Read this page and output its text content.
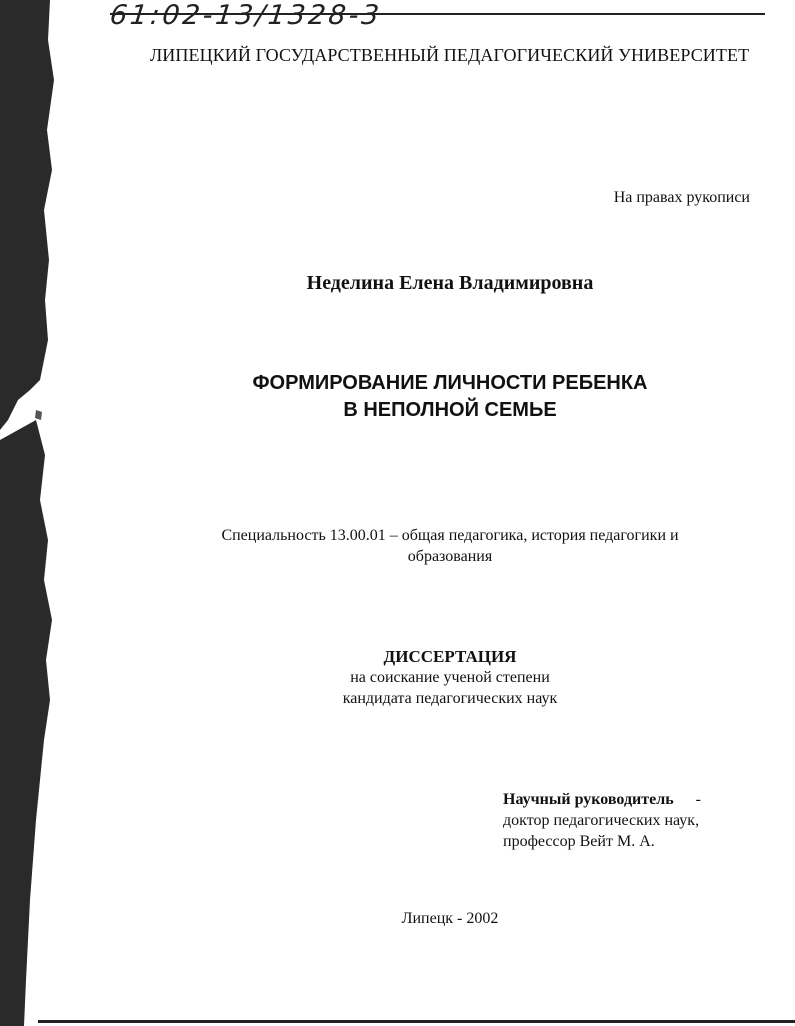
61:02-13/1328-3
ЛИПЕЦКИЙ ГОСУДАРСТВЕННЫЙ ПЕДАГОГИЧЕСКИЙ УНИВЕРСИТЕТ
На правах рукописи
Неделина Елена Владимировна
ФОРМИРОВАНИЕ ЛИЧНОСТИ РЕБЕНКА
В НЕПОЛНОЙ СЕМЬЕ
Специальность 13.00.01 – общая педагогика, история педагогики и
образования
ДИССЕРТАЦИЯ
на соискание ученой степени
кандидата педагогических наук
Научный руководитель -
доктор педагогических наук,
профессор Вейт М. А.
Липецк - 2002
